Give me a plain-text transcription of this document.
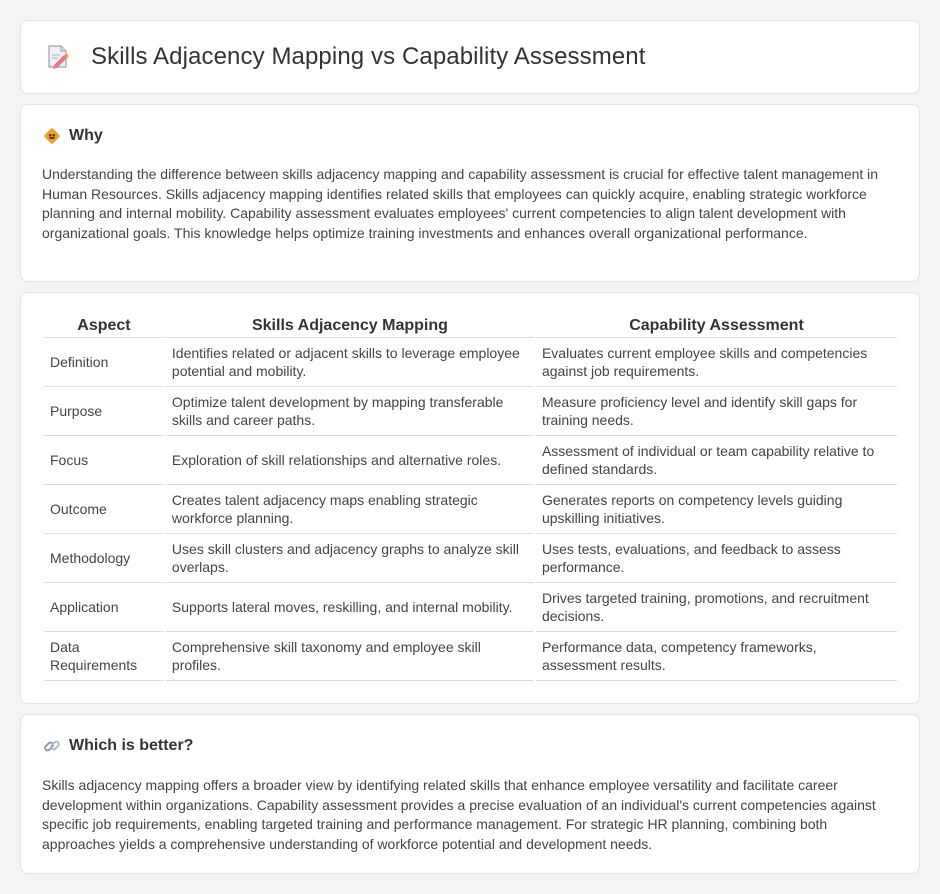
Skills Adjacency Mapping vs Capability Assessment
Why

Understanding the difference between skills adjacency mapping and capability assessment is crucial for effective talent management in Human Resources. Skills adjacency mapping identifies related skills that employees can quickly acquire, enabling strategic workforce planning and internal mobility. Capability assessment evaluates employees' current competencies to align talent development with organizational goals. This knowledge helps optimize training investments and enhances overall organizational performance.

Aspect	Skills Adjacency Mapping	Capability Assessment
Definition	Identifies related or adjacent skills to leverage employee potential and mobility.	Evaluates current employee skills and competencies against job requirements.
Purpose	Optimize talent development by mapping transferable skills and career paths.	Measure proficiency level and identify skill gaps for training needs.
Focus	Exploration of skill relationships and alternative roles.	Assessment of individual or team capability relative to defined standards.
Outcome	Creates talent adjacency maps enabling strategic workforce planning.	Generates reports on competency levels guiding upskilling initiatives.
Methodology	Uses skill clusters and adjacency graphs to analyze skill overlaps.	Uses tests, evaluations, and feedback to assess performance.
Application	Supports lateral moves, reskilling, and internal mobility.	Drives targeted training, promotions, and recruitment decisions.
Data Requirements	Comprehensive skill taxonomy and employee skill profiles.	Performance data, competency frameworks, assessment results.
Which is better?

Skills adjacency mapping offers a broader view by identifying related skills that enhance employee versatility and facilitate career development within organizations. Capability assessment provides a precise evaluation of an individual's current competencies against specific job requirements, enabling targeted training and performance management. For strategic HR planning, combining both approaches yields a comprehensive understanding of workforce potential and development needs.
